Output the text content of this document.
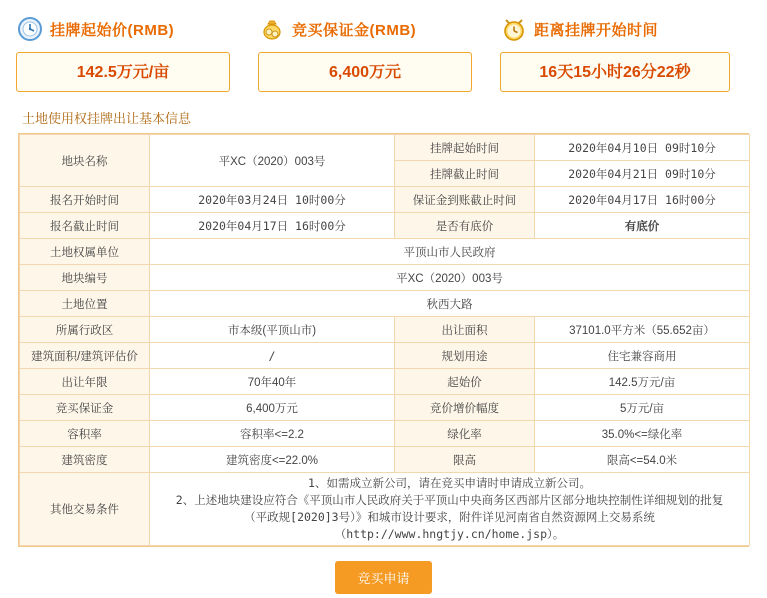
挂牌起始价(RMB)
142.5万元/亩
竞买保证金(RMB)
6,400万元
距离挂牌开始时间
16天15小时26分22秒
土地使用权挂牌出让基本信息
地块名称	平XC（2020）003号	挂牌起始时间	2020年04月10日 09时10分
		挂牌截止时间	2020年04月21日 09时10分
报名开始时间	2020年03月24日 10时00分	保证金到账截止时间	2020年04月17日 16时00分
报名截止时间	2020年04月17日 16时00分	是否有底价	有底价
土地权属单位	平顶山市人民政府		
地块编号	平XC（2020）003号		
土地位置	秋西大路		
所属行政区	市本级(平顶山市)	出让面积	37101.0平方米（55.652亩）
建筑面积/建筑评估价	/	规划用途	住宅兼容商用
出让年限	70年40年	起始价	142.5万元/亩
竞买保证金	6,400万元	竞价增价幅度	5万元/亩
容积率	容积率<=2.2	绿化率	35.0%<=绿化率
建筑密度	建筑密度<=22.0%	限高	限高<=54.0米
其他交易条件	1、如需成立新公司，请在竞买申请时申请成立新公司。
2、上述地块建设应符合《平顶山市人民政府关于平顶山中央商务区西部片区部分地块控制性详细规划的批复
（平政规[2020]3号）》和城市设计要求，附件详见河南省自然资源网上交易系统
（http://www.hngtjy.cn/home.jsp）。		
竞买申请
